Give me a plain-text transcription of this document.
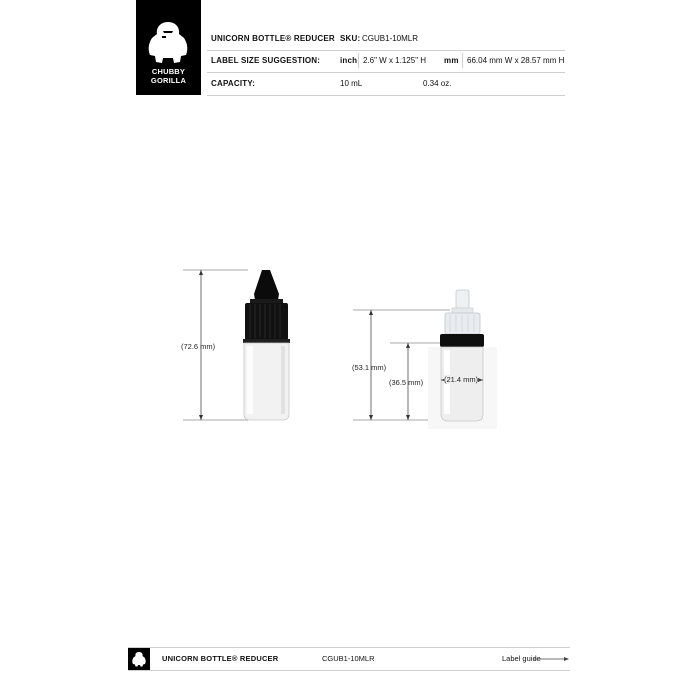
CHUBBY
GORILLA
UNICORN BOTTLE® REDUCER SKU: CGUB1-10MLR
LABEL SIZE SUGGESTION: inch 2.6" W x 1.125" H mm 66.04 mm W x 28.57 mm H
CAPACITY:	10 mL	0.34 oz.
(72.6 mm)
(53.1 mm)
(36.5 mm)	(21.4 mm)
UNICORN BOTTLE® REDUCER	CGUB1-10MLR	Label guide
